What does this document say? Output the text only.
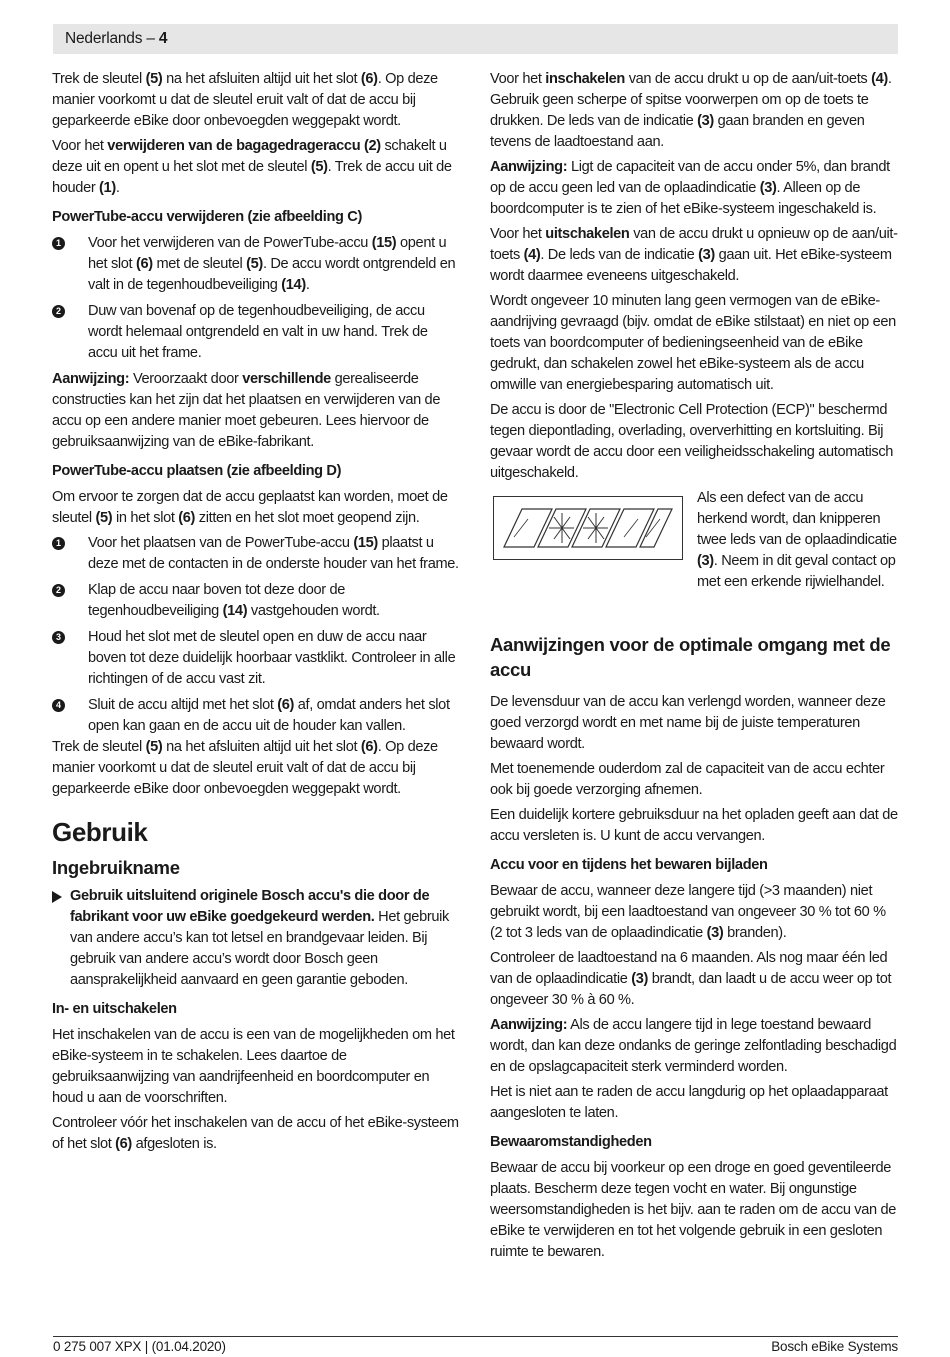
Nederlands – 4

Trek de sleutel (5) na het afsluiten altijd uit het slot (6). Op deze manier voorkomt u dat de sleutel eruit valt of dat de accu bij geparkeerde eBike door onbevoegden weggepakt wordt.

Voor het verwijderen van de bagagedrageraccu (2) schakelt u deze uit en opent u het slot met de sleutel (5). Trek de accu uit de houder (1).

PowerTube-accu verwijderen (zie afbeelding C)
1 Voor het verwijderen van de PowerTube-accu (15) opent u het slot (6) met de sleutel (5). De accu wordt ontgrendeld en valt in de tegenhoudbeveiliging (14).
2 Duw van bovenaf op de tegenhoudbeveiliging, de accu wordt helemaal ontgrendeld en valt in uw hand. Trek de accu uit het frame.

Aanwijzing: Veroorzaakt door verschillende gerealiseerde constructies kan het zijn dat het plaatsen en verwijderen van de accu op een andere manier moet gebeuren. Lees hiervoor de gebruiksaanwijzing van de eBike-fabrikant.

PowerTube-accu plaatsen (zie afbeelding D)

Om ervoor te zorgen dat de accu geplaatst kan worden, moet de sleutel (5) in het slot (6) zitten en het slot moet geopend zijn.

1 Voor het plaatsen van de PowerTube-accu (15) plaatst u deze met de contacten in de onderste houder van het frame.
2 Klap de accu naar boven tot deze door de tegenhoudbeveiliging (14) vastgehouden wordt.
3 Houd het slot met de sleutel open en duw de accu naar boven tot deze duidelijk hoorbaar vastklikt. Controleer in alle richtingen of de accu vast zit.
4 Sluit de accu altijd met het slot (6) af, omdat anders het slot open kan gaan en de accu uit de houder kan vallen.

Trek de sleutel (5) na het afsluiten altijd uit het slot (6). Op deze manier voorkomt u dat de sleutel eruit valt of dat de accu bij geparkeerde eBike door onbevoegden weggepakt wordt.

Gebruik
Ingebruikname
Gebruik uitsluitend originele Bosch accu's die door de fabrikant voor uw eBike goedgekeurd werden. Het gebruik van andere accu’s kan tot letsel en brandgevaar leiden. Bij gebruik van andere accu’s wordt door Bosch geen aansprakelijkheid aanvaard en geen garantie geboden.
In- en uitschakelen

Het inschakelen van de accu is een van de mogelijkheden om het eBike-systeem in te schakelen. Lees daartoe de gebruiksaanwijzing van aandrijfeenheid en boordcomputer en houd u aan de voorschriften.

Controleer vóór het inschakelen van de accu of het eBike-systeem of het slot (6) afgesloten is.

Voor het inschakelen van de accu drukt u op de aan/uit-toets (4). Gebruik geen scherpe of spitse voorwerpen om op de toets te drukken. De leds van de indicatie (3) gaan branden en geven tevens de laadtoestand aan.

Aanwijzing: Ligt de capaciteit van de accu onder 5%, dan brandt op de accu geen led van de oplaadindicatie (3). Alleen op de boordcomputer is te zien of het eBike-systeem ingeschakeld is.

Voor het uitschakelen van de accu drukt u opnieuw op de aan/uit-toets (4). De leds van de indicatie (3) gaan uit. Het eBike-systeem wordt daarmee eveneens uitgeschakeld.

Wordt ongeveer 10 minuten lang geen vermogen van de eBike-aandrijving gevraagd (bijv. omdat de eBike stilstaat) en niet op een toets van boordcomputer of bedieningseenheid van de eBike gedrukt, dan schakelen zowel het eBike-systeem als de accu omwille van energiebesparing automatisch uit.

De accu is door de "Electronic Cell Protection (ECP)" beschermd tegen diepontlading, overlading, oververhitting en kortsluiting. Bij gevaar wordt de accu door een veiligheidsschakeling automatisch uitgeschakeld.

Als een defect van de accu herkend wordt, dan knipperen twee leds van de oplaadindicatie (3). Neem in dit geval contact op met een erkende rijwielhandel.
Aanwijzingen voor de optimale omgang met de accu

De levensduur van de accu kan verlengd worden, wanneer deze goed verzorgd wordt en met name bij de juiste temperaturen bewaard wordt.

Met toenemende ouderdom zal de capaciteit van de accu echter ook bij goede verzorging afnemen.

Een duidelijk kortere gebruiksduur na het opladen geeft aan dat de accu versleten is. U kunt de accu vervangen.

Accu voor en tijdens het bewaren bijladen

Bewaar de accu, wanneer deze langere tijd (>3 maanden) niet gebruikt wordt, bij een laadtoestand van ongeveer 30 % tot 60 % (2 tot 3 leds van de oplaadindicatie (3) branden).

Controleer de laadtoestand na 6 maanden. Als nog maar één led van de oplaadindicatie (3) brandt, dan laadt u de accu weer op tot ongeveer 30 % à 60 %.

Aanwijzing: Als de accu langere tijd in lege toestand bewaard wordt, dan kan deze ondanks de geringe zelfontlading beschadigd en de opslagcapaciteit sterk verminderd worden.

Het is niet aan te raden de accu langdurig op het oplaadapparaat aangesloten te laten.

Bewaaromstandigheden

Bewaar de accu bij voorkeur op een droge en goed geventileerde plaats. Bescherm deze tegen vocht en water. Bij ongunstige weersomstandigheden is het bijv. aan te raden om de accu van de eBike te verwijderen en tot het volgende gebruik in een gesloten ruimte te bewaren.

0 275 007 XPX | (01.04.2020)	Bosch eBike Systems
